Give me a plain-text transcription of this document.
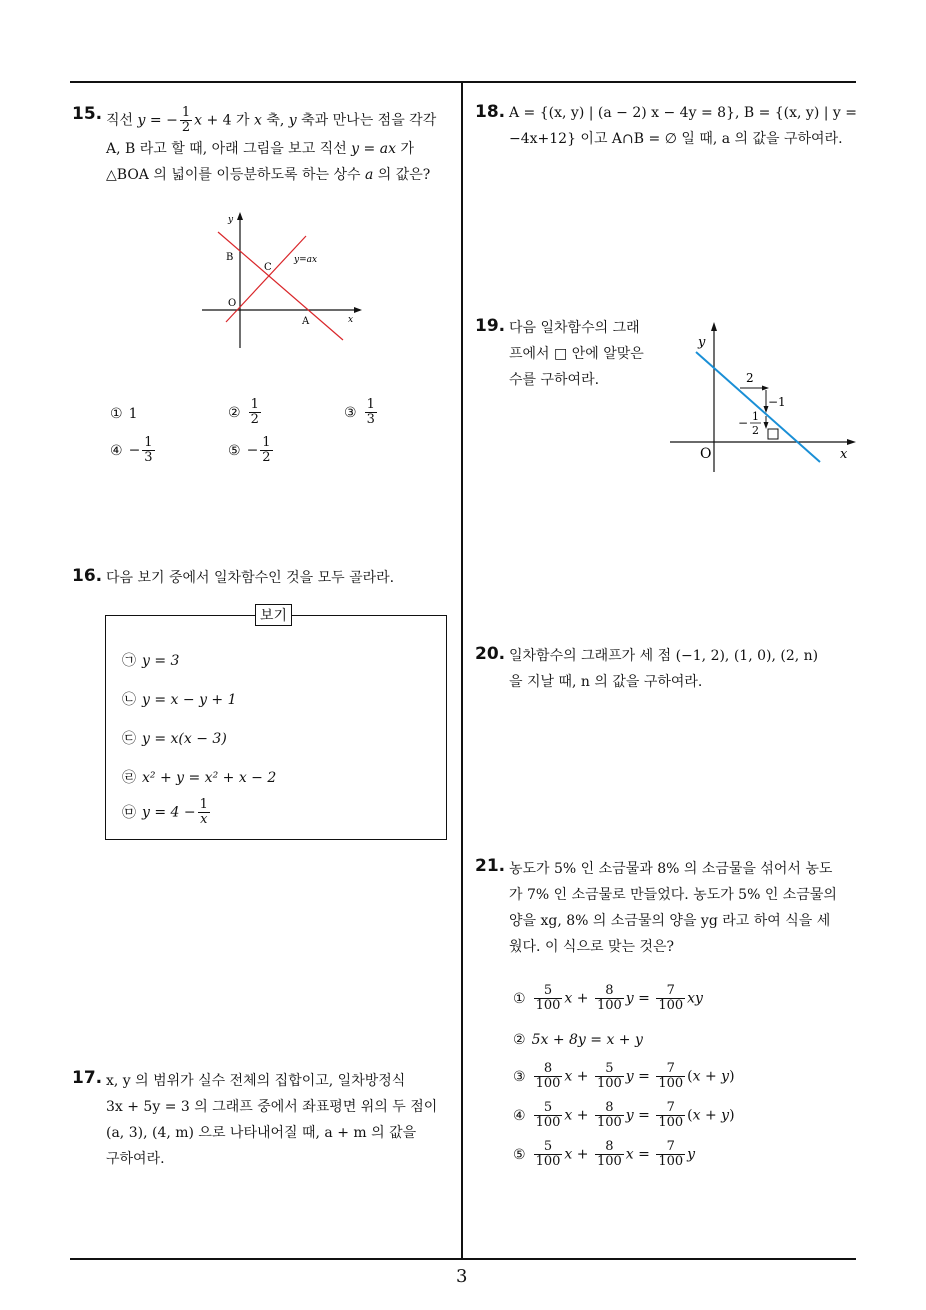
3
15. 직선 y = − $\frac{1}{2}$ x + 4 가 x 축, y 축과 만나는 점을 각각
A, B 라고 할 때, 아래 그림을 보고 직선 y = ax 가
△BOA 의 넓이를 이등분하도록 하는 상수 a 의 값은?
y
B
C
y=ax
O
A	x
① 1	② $\frac{1}{2}$	③ $\frac{1}{3}$
④ − $\frac{1}{3}$	⑤ − $\frac{1}{2}$
16. 다음 보기 중에서 일차함수인 것을 모두 골라라.
보기
㉠ y = 3
㉡ y = x − y + 1
㉢ y = x(x − 3)
㉣ x² + y = x² + x − 2
㉤ $y = 4 - \frac{1}{x}$
17. x, y 의 범위가 실수 전체의 집합이고, 일차방정식
3x + 5y = 3 의 그래프 중에서 좌표평면 위의 두 점이
(a, 3), (4, m) 으로 나타내어질 때, a + m 의 값을
구하여라.
18. A = {(x, y) | (a − 2) x − 4y = 8}, B = {(x, y) | y =
−4x+12} 이고 A∩B = ∅ 일 때, a 의 값을 구하여라.
19. 다음 일차함수의 그래
프에서 □ 안에 알맞은
수를 구하여라.
y
2
−1
− 1
2
O	x
20. 일차함수의 그래프가 세 점 (−1, 2), (1, 0), (2, n)
을 지날 때, n 의 값을 구하여라.
21. 농도가 5% 인 소금물과 8% 의 소금물을 섞어서 농도
가 7% 인 소금물로 만들었다. 농도가 5% 인 소금물의
양을 xg, 8% 의 소금물의 양을 yg 라고 하여 식을 세
웠다. 이 식으로 맞는 것은?
① $\frac{5}{100}$ $x + \frac{8}{100}$ $y = \frac{7}{100}$ xy
② 5x + 8y = x + y
③ $\frac{8}{100}$ $x + \frac{5}{100}$ $y = \frac{7}{100} (x + y)$
④ $\frac{5}{100}$ $x + \frac{8}{100}$ $y = \frac{7}{100} (x + y)$
⑤ $\frac{5}{100}$ $x + \frac{8}{100}$ $x = \frac{7}{100}$ y
